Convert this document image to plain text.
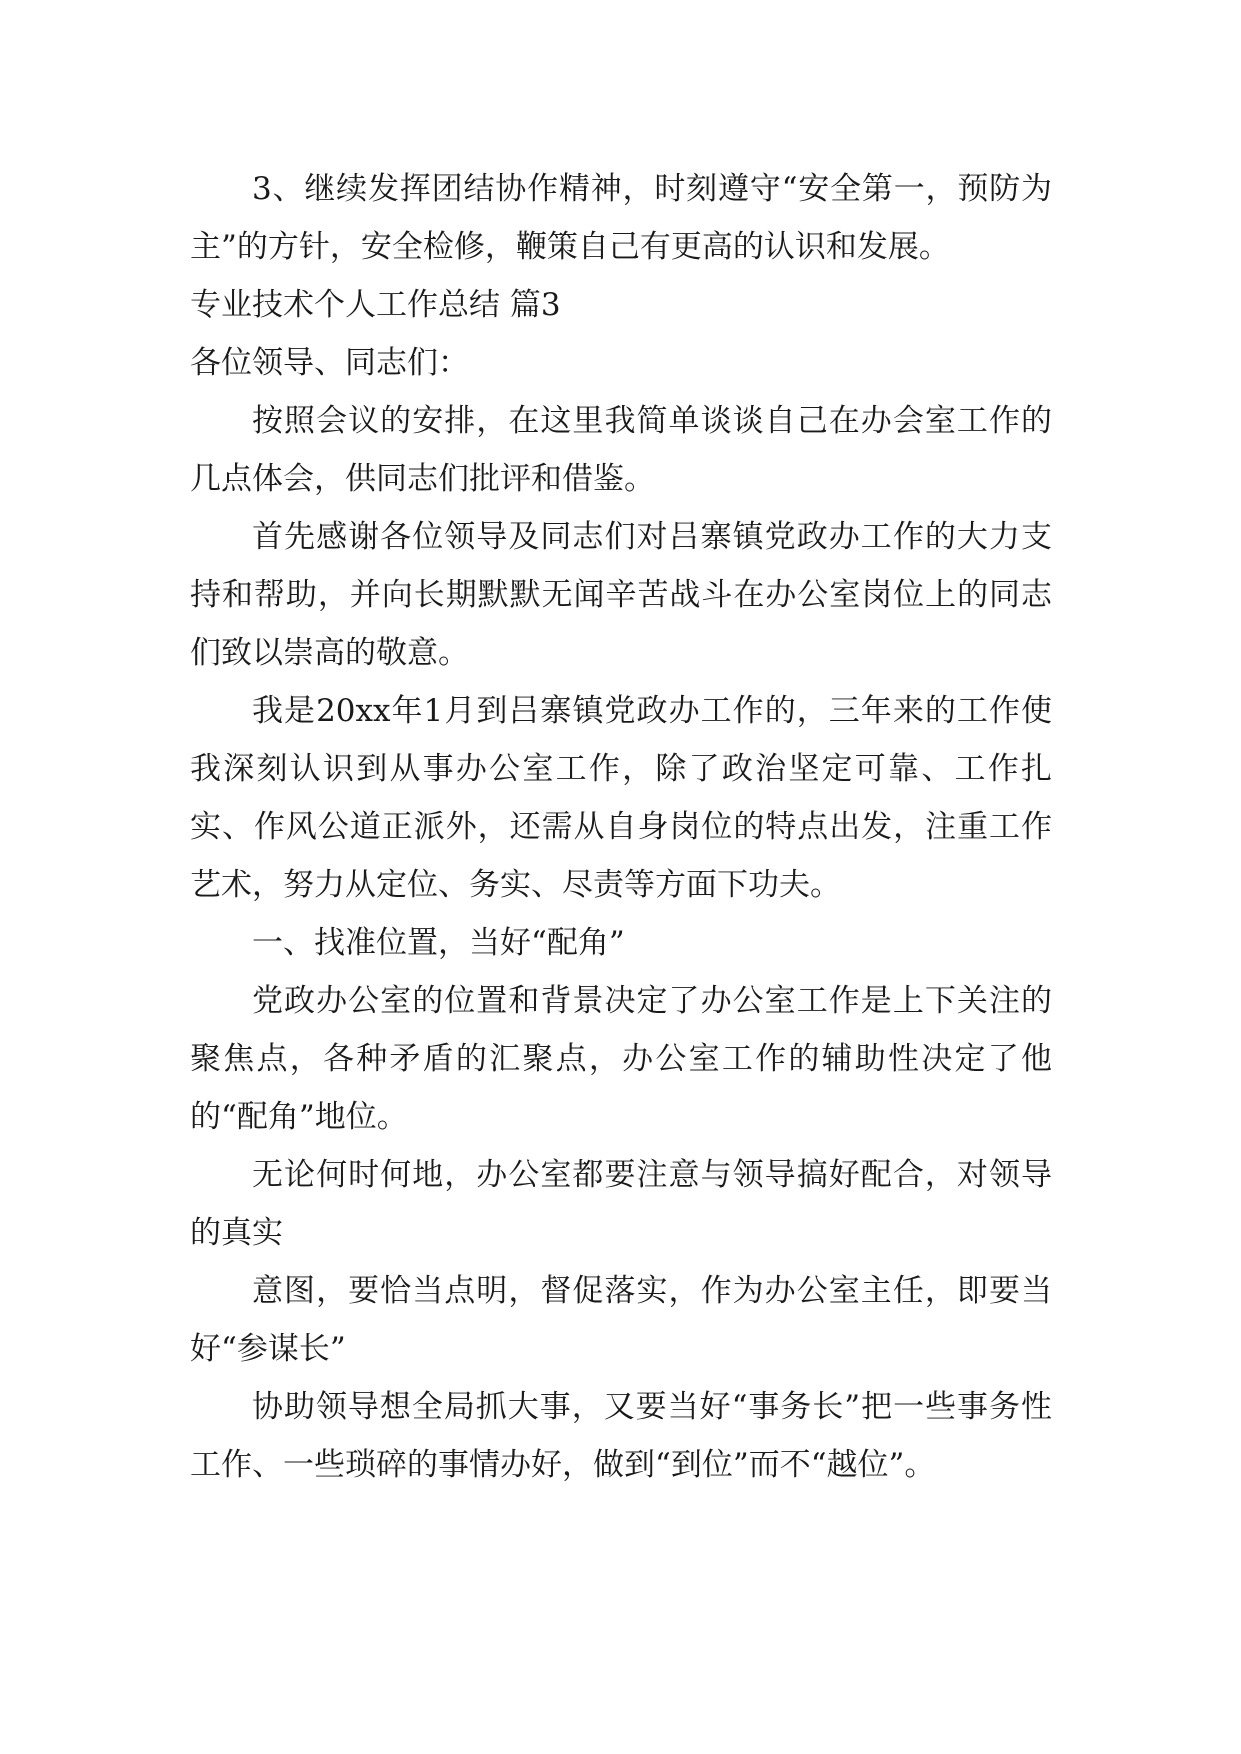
3、继续发挥团结协作精神，时刻遵守“安全第一，预防为主”的方针，安全检修，鞭策自己有更高的认识和发展。

专业技术个人工作总结 篇3

各位领导、同志们：

按照会议的安排，在这里我简单谈谈自己在办会室工作的几点体会，供同志们批评和借鉴。

首先感谢各位领导及同志们对吕寨镇党政办工作的大力支持和帮助，并向长期默默无闻辛苦战斗在办公室岗位上的同志们致以崇高的敬意。

我是20xx年1月到吕寨镇党政办工作的，三年来的工作使我深刻认识到从事办公室工作，除了政治坚定可靠、工作扎实、作风公道正派外，还需从自身岗位的特点出发，注重工作艺术，努力从定位、务实、尽责等方面下功夫。

一、找准位置，当好“配角”

党政办公室的位置和背景决定了办公室工作是上下关注的聚焦点，各种矛盾的汇聚点，办公室工作的辅助性决定了他的“配角”地位。

无论何时何地，办公室都要注意与领导搞好配合，对领导的真实

意图，要恰当点明，督促落实，作为办公室主任，即要当好“参谋长”

协助领导想全局抓大事，又要当好“事务长”把一些事务性工作、一些琐碎的事情办好，做到“到位”而不“越位”。
